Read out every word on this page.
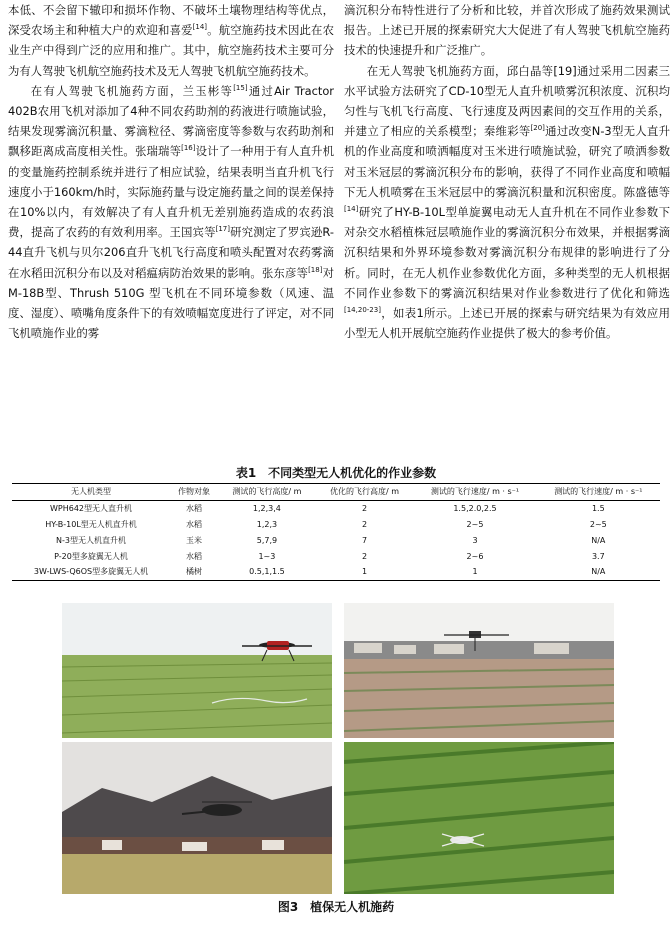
本低、不会留下辙印和损坏作物、不破坏土壤物理结构等优点，深受农场主和种植大户的欢迎和喜爱[14]。航空施药技术因此在农业生产中得到广泛的应用和推广。其中，航空施药技术主要可分为有人驾驶飞机航空施药技术及无人驾驶飞机航空施药技术。

在有人驾驶飞机施药方面，兰玉彬等[15]通过Air Tractor 402B农用飞机对添加了4种不同农药助剂的药液进行喷施试验，结果发现雾滴沉积量、雾滴粒径、雾滴密度等参数与农药助剂和飘移距离成高度相关性。张瑞瑞等[16]设计了一种用于有人直升机的变量施药控制系统并进行了相应试验，结果表明当直升机飞行速度小于160km/h时，实际施药量与设定施药量之间的误差保持在10%以内，有效解决了有人直升机无差别施药造成的农药浪费，提高了农药的有效利用率。王国宾等[17]研究测定了罗宾逊R-44直升飞机与贝尔206直升飞机飞行高度和喷头配置对农药雾滴在水稻田沉积分布以及对稻瘟病防治效果的影响。张东彦等[18]对M-18B型、Thrush 510G 型飞机在不同环境参数（风速、温度、湿度）、喷嘴角度条件下的有效喷幅宽度进行了评定，对不同飞机喷施作业的雾

滴沉积分布特性进行了分析和比较，并首次形成了施药效果测试报告。上述已开展的探索研究大大促进了有人驾驶飞机航空施药技术的快速提升和广泛推广。

在无人驾驶飞机施药方面，邱白晶等[19]通过采用二因素三水平试验方法研究了CD-10型无人直升机喷雾沉积浓度、沉积均匀性与飞机飞行高度、飞行速度及两因素间的交互作用的关系，并建立了相应的关系模型；秦维彩等[20]通过改变N-3型无人直升机的作业高度和喷洒幅度对玉米进行喷施试验，研究了喷洒参数对玉米冠层的雾滴沉积分布的影响，获得了不同作业高度和喷幅下无人机喷雾在玉米冠层中的雾滴沉积量和沉积密度。陈盛德等[14]研究了HY-B-10L型单旋翼电动无人直升机在不同作业参数下对杂交水稻植株冠层喷施作业的雾滴沉积分布效果，并根据雾滴沉积结果和外界环境参数对雾滴沉积分布规律的影响进行了分析。同时，在无人机作业参数优化方面，多种类型的无人机根据不同作业参数下的雾滴沉积结果对作业参数进行了优化和筛选[14,20-23]，如表1所示。上述已开展的探索与研究结果为有效应用小型无人机开展航空施药作业提供了极大的参考价值。

表1　不同类型无人机优化的作业参数
无人机类型	作物对象	测试的飞行高度/ m	优化的飞行高度/ m	测试的飞行速度/ m · s⁻¹	测试的飞行速度/ m · s⁻¹
WPH642型无人直升机	水稻	1,2,3,4	2	1.5,2.0,2.5	1.5
HY-B-10L型无人机直升机	水稻	1,2,3	2	2~5	2~5
N-3型无人机直升机	玉米	5,7,9	7	3	N/A
P-20型多旋翼无人机	水稻	1~3	2	2~6	3.7
3W-LWS-Q6OS型多旋翼无人机	橘树	0.5,1,1.5	1	1	N/A
图3　植保无人机施药
